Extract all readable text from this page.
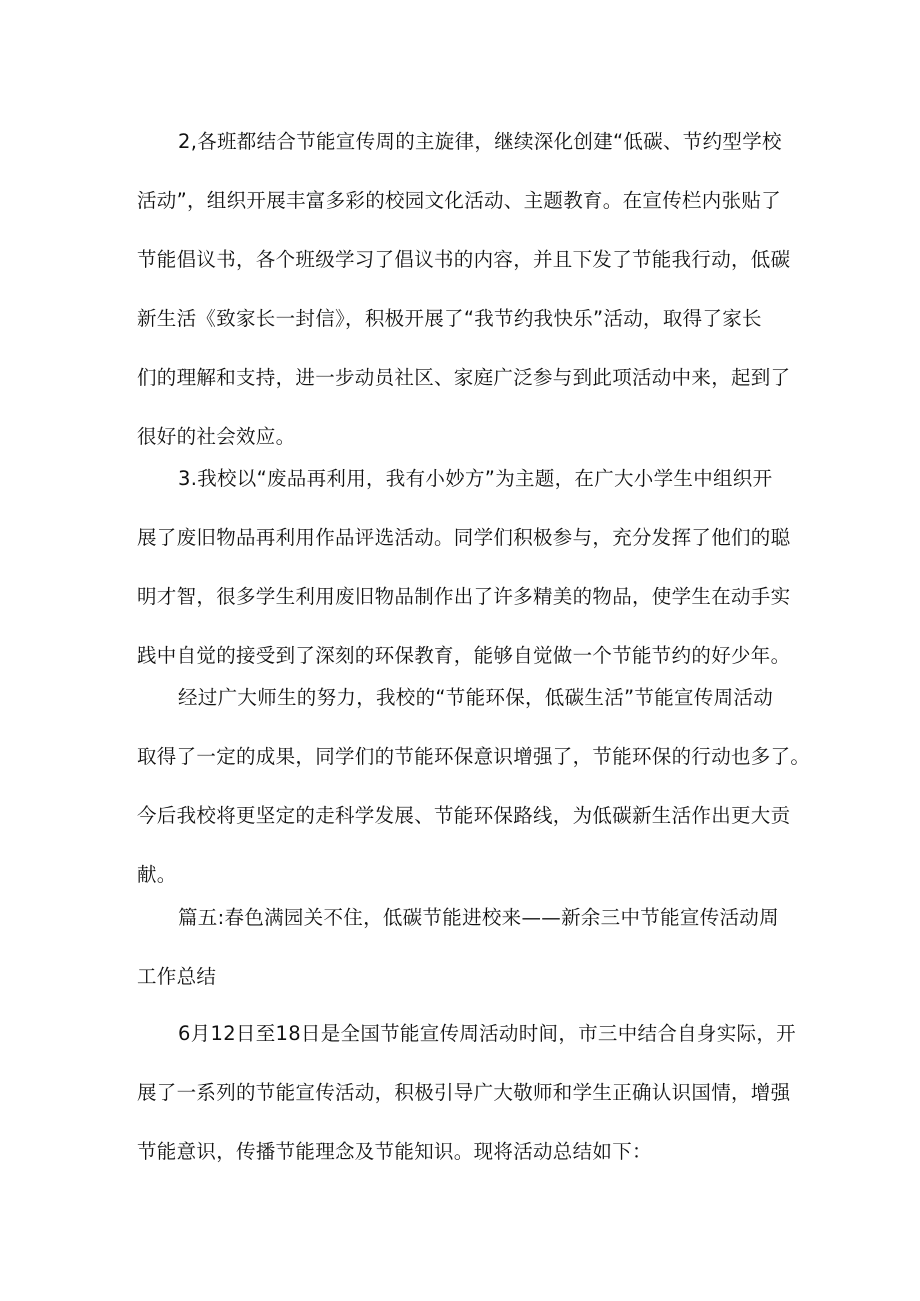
2,各班都结合节能宣传周的主旋律，继续深化创建“低碳、节约型学校
活动”，组织开展丰富多彩的校园文化活动、主题教育。在宣传栏内张贴了
节能倡议书，各个班级学习了倡议书的内容，并且下发了节能我行动，低碳
新生活《致家长一封信》，积极开展了“我节约我快乐”活动，取得了家长
们的理解和支持，进一步动员社区、家庭广泛参与到此项活动中来，起到了
很好的社会效应。
3.我校以“废品再利用，我有小妙方”为主题，在广大小学生中组织开
展了废旧物品再利用作品评选活动。同学们积极参与，充分发挥了他们的聪
明才智，很多学生利用废旧物品制作出了许多精美的物品，使学生在动手实
践中自觉的接受到了深刻的环保教育，能够自觉做一个节能节约的好少年。
经过广大师生的努力，我校的“节能环保，低碳生活”节能宣传周活动
取得了一定的成果，同学们的节能环保意识增强了，节能环保的行动也多了。
今后我校将更坚定的走科学发展、节能环保路线，为低碳新生活作出更大贡
献。
篇五:春色满园关不住，低碳节能进校来——新余三中节能宣传活动周
工作总结
6月12日至18日是全国节能宣传周活动时间，市三中结合自身实际，开
展了一系列的节能宣传活动，积极引导广大敬师和学生正确认识国情，增强
节能意识，传播节能理念及节能知识。现将活动总结如下：
